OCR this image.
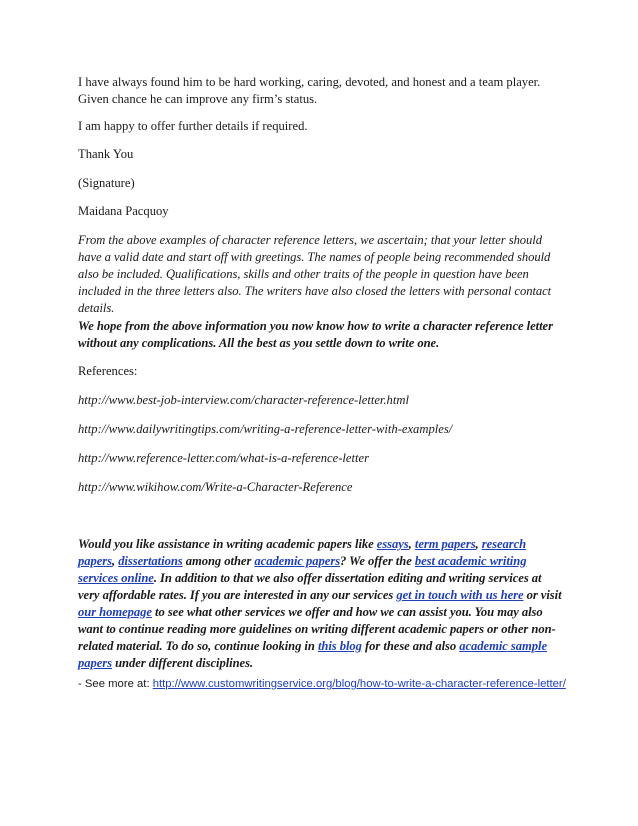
I have always found him to be hard working, caring, devoted, and honest and a team player.
Given chance he can improve any firm’s status.

I am happy to offer further details if required.

Thank You

(Signature)

Maidana Pacquoy

From the above examples of character reference letters, we ascertain; that your letter should
have a valid date and start off with greetings. The names of people being recommended should
also be included. Qualifications, skills and other traits of the people in question have been
included in the three letters also. The writers have also closed the letters with personal contact
details.

We hope from the above information you now know how to write a character reference letter
without any complications. All the best as you settle down to write one.

References:

http://www.best-job-interview.com/character-reference-letter.html

http://www.dailywritingtips.com/writing-a-reference-letter-with-examples/

http://www.reference-letter.com/what-is-a-reference-letter

http://www.wikihow.com/Write-a-Character-Reference

Would you like assistance in writing academic papers like essays, term papers, research
papers, dissertations among other academic papers? We offer the best academic writing
services online. In addition to that we also offer dissertation editing and writing services at
very affordable rates. If you are interested in any our services get in touch with us here or visit
our homepage to see what other services we offer and how we can assist you. You may also
want to continue reading more guidelines on writing different academic papers or other non-
related material. To do so, continue looking in this blog for these and also academic sample
papers under different disciplines.

- See more at: http://www.customwritingservice.org/blog/how-to-write-a-character-reference-letter/
